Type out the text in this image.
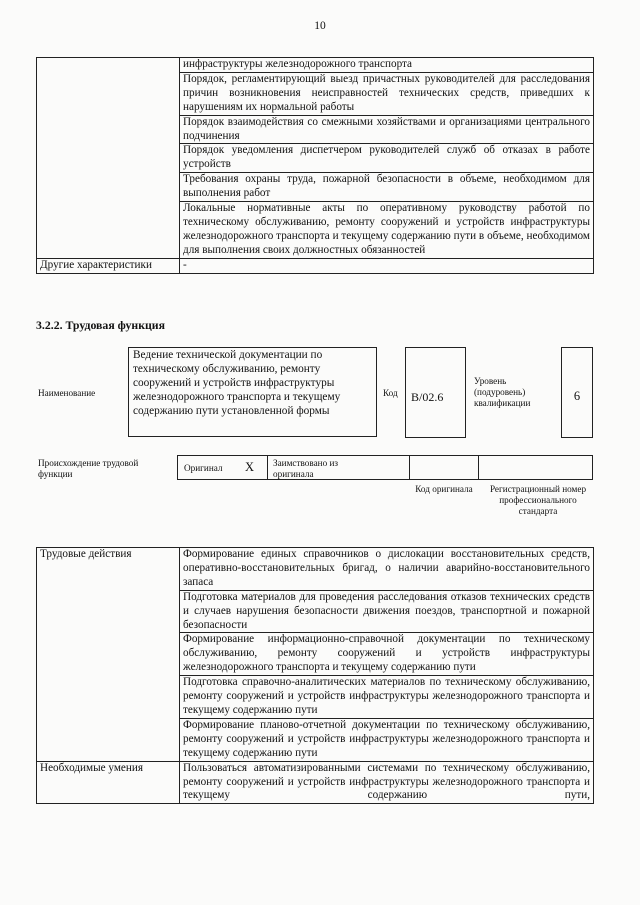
10
	инфраструктуры железнодорожного транспорта
	Порядок, регламентирующий выезд причастных руководителей для расследования причин возникновения неисправностей технических средств, приведших к нарушениям их нормальной работы
	Порядок взаимодействия со смежными хозяйствами и организациями центрального подчинения
	Порядок уведомления диспетчером руководителей служб об отказах в работе устройств
	Требования охраны труда, пожарной безопасности в объеме, необходимом для выполнения работ
	Локальные нормативные акты по оперативному руководству работой по техническому обслуживанию, ремонту сооружений и устройств инфраструктуры железнодорожного транспорта и текущему содержанию пути в объеме, необходимом для выполнения своих должностных обязанностей
Другие характеристики	-
3.2.2. Трудовая функция
Наименование
Ведение технической документации по техническому обслуживанию, ремонту сооружений и устройств инфраструктуры железнодорожного транспорта и текущему содержанию пути установленной формы
Код B/02.6
Уровень (подуровень) квалификации	6
Происхождение трудовой функции
Оригинал X Заимствовано из оригинала
Код оригинала	Регистрационный номер профессионального стандарта
Трудовые действия	Формирование единых справочников о дислокации восстановительных средств, оперативно-восстановительных бригад, о наличии аварийно-восстановительного запаса
	Подготовка материалов для проведения расследования отказов технических средств и случаев нарушения безопасности движения поездов, транспортной и пожарной безопасности
	Формирование информационно-справочной документации по техническому обслуживанию, ремонту сооружений и устройств инфраструктуры железнодорожного транспорта и текущему содержанию пути
	Подготовка справочно-аналитических материалов по техническому обслуживанию, ремонту сооружений и устройств инфраструктуры железнодорожного транспорта и текущему содержанию пути
	Формирование планово-отчетной документации по техническому обслуживанию, ремонту сооружений и устройств инфраструктуры железнодорожного транспорта и текущему содержанию пути
Необходимые умения	Пользоваться автоматизированными системами по техническому обслуживанию, ремонту сооружений и устройств инфраструктуры железнодорожного транспорта и текущему содержанию пути,
